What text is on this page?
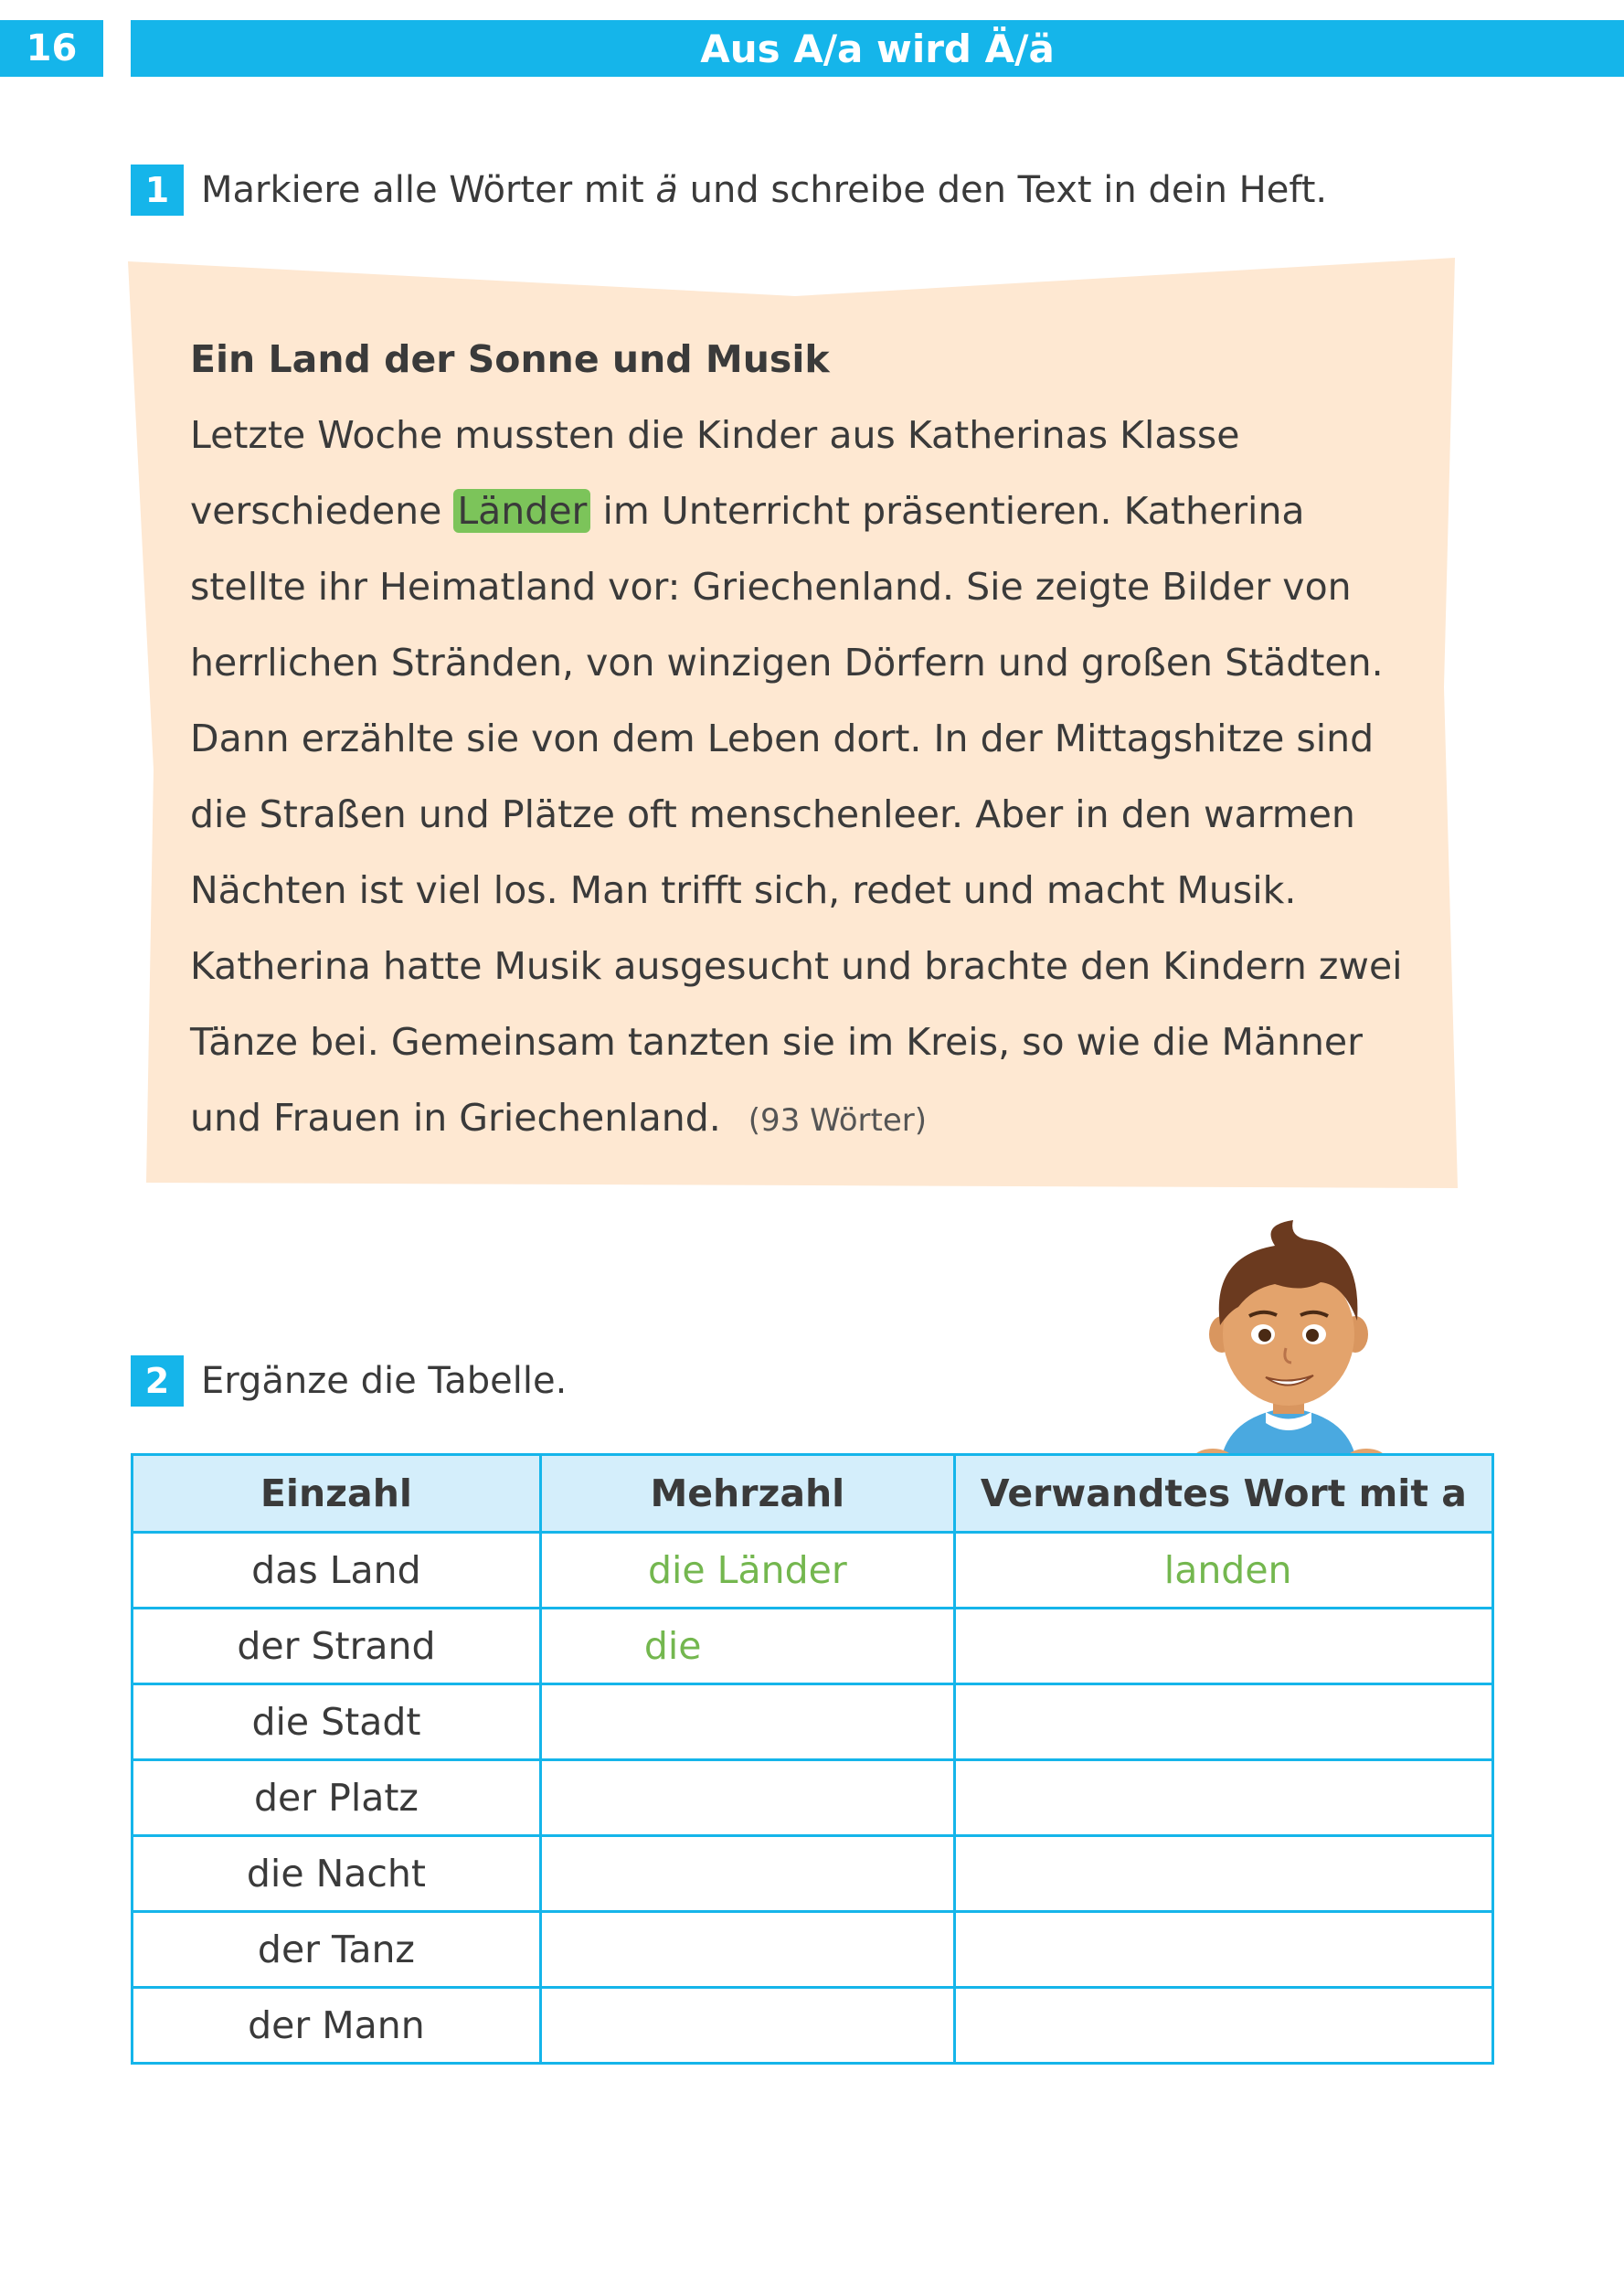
16	Aus A/a wird Ä/ä
1 Markiere alle Wörter mit ä und schreibe den Text in dein Heft.
Ein Land der Sonne und Musik
Letzte Woche mussten die Kinder aus Katherinas Klasse
verschiedene Länder im Unterricht präsentieren. Katherina
stellte ihr Heimatland vor: Griechenland. Sie zeigte Bilder von
herrlichen Stränden, von winzigen Dörfern und großen Städten.
Dann erzählte sie von dem Leben dort. In der Mittagshitze sind
die Straßen und Plätze oft menschenleer. Aber in den warmen
Nächten ist viel los. Man trifft sich, redet und macht Musik.
Katherina hatte Musik ausgesucht und brachte den Kindern zwei
Tänze bei. Gemeinsam tanzten sie im Kreis, so wie die Männer
und Frauen in Griechenland. (93 Wörter)
2 Ergänze die Tabelle.
Einzahl	Mehrzahl	Verwandtes Wort mit a
das Land	die Länder	landen
der Strand	die	
die Stadt		
der Platz		
die Nacht		
der Tanz		
der Mann		
